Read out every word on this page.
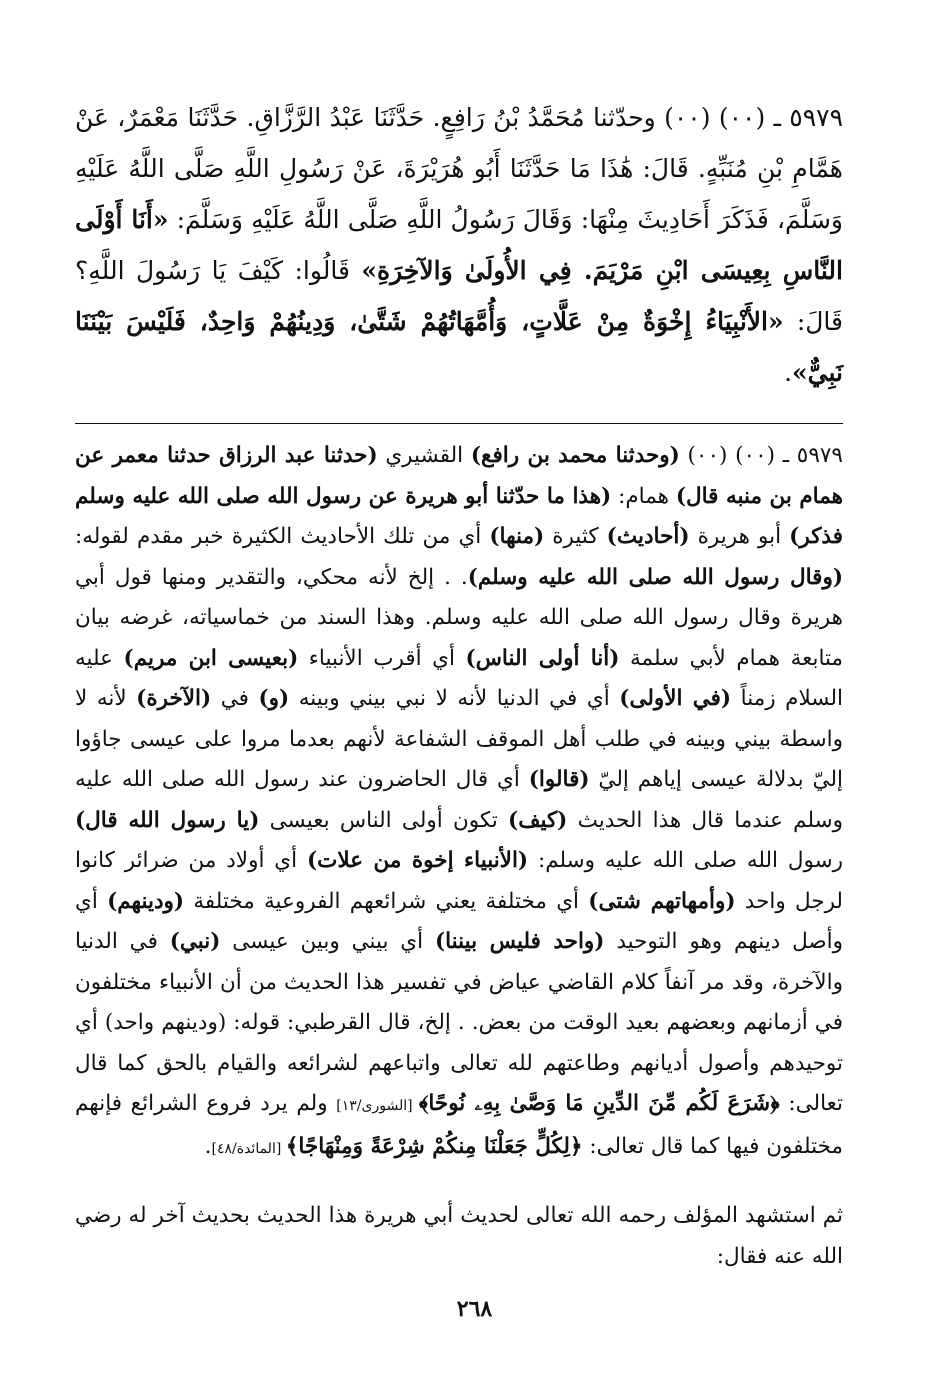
٥٩٧٩ ـ (٠٠) (٠٠) وحدّثنا مُحَمَّدُ بْنُ رَافِعٍ. حَدَّثَنَا عَبْدُ الرَّزَّاقِ. حَدَّثَنَا مَعْمَرٌ، عَنْ هَمَّامِ بْنِ مُنَبِّهٍ. قَالَ: هَٰذَا مَا حَدَّثَنَا أَبُو هُرَيْرَةَ، عَنْ رَسُولِ اللَّهِ صَلَّى اللَّهُ عَلَيْهِ وَسَلَّمَ، فَذَكَرَ أَحَادِيثَ مِنْهَا: وَقَالَ رَسُولُ اللَّهِ صَلَّى اللَّهُ عَلَيْهِ وَسَلَّمَ: «أَنَا أَوْلَى النَّاسِ بِعِيسَى ابْنِ مَرْيَمَ. فِي الأُولَىٰ وَالآخِرَةِ» قَالُوا: كَيْفَ يَا رَسُولَ اللَّهِ؟ قَالَ: «الأَنْبِيَاءُ إِخْوَةٌ مِنْ عَلَّاتٍ، وَأُمَّهَاتُهُمْ شَتَّىٰ، وَدِينُهُمْ وَاحِدٌ، فَلَيْسَ بَيْنَنَا نَبِيٌّ».

٥٩٧٩ ـ (٠٠) (٠٠) (وحدثنا محمد بن رافع) القشيري (حدثنا عبد الرزاق حدثنا معمر عن همام بن منبه قال) همام: (هذا ما حدّثنا أبو هريرة عن رسول الله صلى الله عليه وسلم فذكر) أبو هريرة (أحاديث) كثيرة (منها) أي من تلك الأحاديث الكثيرة خبر مقدم لقوله: (وقال رسول الله صلى الله عليه وسلم). . إلخ لأنه محكي، والتقدير ومنها قول أبي هريرة وقال رسول الله صلى الله عليه وسلم. وهذا السند من خماسياته، غرضه بيان متابعة همام لأبي سلمة (أنا أولى الناس) أي أقرب الأنبياء (بعيسى ابن مريم) عليه السلام زمناً (في الأولى) أي في الدنيا لأنه لا نبي بيني وبينه (و) في (الآخرة) لأنه لا واسطة بيني وبينه في طلب أهل الموقف الشفاعة لأنهم بعدما مروا على عيسى جاؤوا إليّ بدلالة عيسى إياهم إليّ (قالوا) أي قال الحاضرون عند رسول الله صلى الله عليه وسلم عندما قال هذا الحديث (كيف) تكون أولى الناس بعيسى (يا رسول الله قال) رسول الله صلى الله عليه وسلم: (الأنبياء إخوة من علات) أي أولاد من ضرائر كانوا لرجل واحد (وأمهاتهم شتى) أي مختلفة يعني شرائعهم الفروعية مختلفة (ودينهم) أي وأصل دينهم وهو التوحيد (واحد فليس بيننا) أي بيني وبين عيسى (نبي) في الدنيا والآخرة، وقد مر آنفاً كلام القاضي عياض في تفسير هذا الحديث من أن الأنبياء مختلفون في أزمانهم وبعضهم بعيد الوقت من بعض. . إلخ، قال القرطبي: قوله: (ودينهم واحد) أي توحيدهم وأصول أديانهم وطاعتهم لله تعالى واتباعهم لشرائعه والقيام بالحق كما قال تعالى: ﴿شَرَعَ لَكُم مِّنَ الدِّينِ مَا وَصَّىٰ بِهِۦ نُوحًا﴾ [الشورى/١٣] ولم يرد فروع الشرائع فإنهم مختلفون فيها كما قال تعالى: ﴿لِكُلٍّ جَعَلْنَا مِنكُمْ شِرْعَةً وَمِنْهَاجًا﴾ [المائدة/٤٨].

ثم استشهد المؤلف رحمه الله تعالى لحديث أبي هريرة هذا الحديث بحديث آخر له رضي الله عنه فقال:

٢٦٨
